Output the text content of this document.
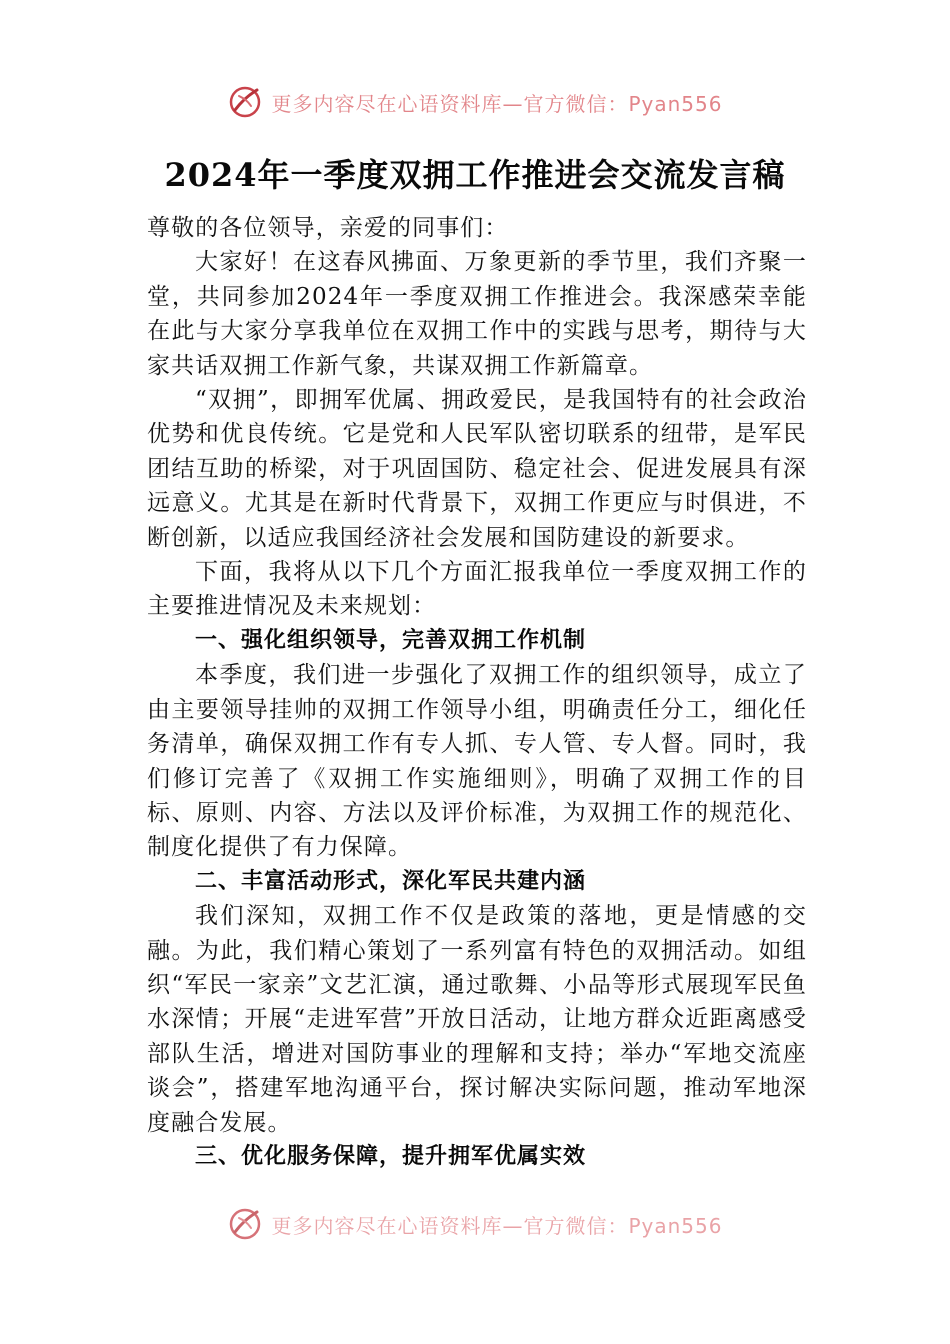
更多内容尽在心语资料库—官方微信：Pyan556
2024年一季度双拥工作推进会交流发言稿

尊敬的各位领导，亲爱的同事们：

大家好！在这春风拂面、万象更新的季节里，我们齐聚一堂，共同参加2024年一季度双拥工作推进会。我深感荣幸能在此与大家分享我单位在双拥工作中的实践与思考，期待与大家共话双拥工作新气象，共谋双拥工作新篇章。

“双拥”，即拥军优属、拥政爱民，是我国特有的社会政治优势和优良传统。它是党和人民军队密切联系的纽带，是军民团结互助的桥梁，对于巩固国防、稳定社会、促进发展具有深远意义。尤其是在新时代背景下，双拥工作更应与时俱进，不断创新，以适应我国经济社会发展和国防建设的新要求。

下面，我将从以下几个方面汇报我单位一季度双拥工作的主要推进情况及未来规划：

一、强化组织领导，完善双拥工作机制

本季度，我们进一步强化了双拥工作的组织领导，成立了由主要领导挂帅的双拥工作领导小组，明确责任分工，细化任务清单，确保双拥工作有专人抓、专人管、专人督。同时，我们修订完善了《双拥工作实施细则》，明确了双拥工作的目标、原则、内容、方法以及评价标准，为双拥工作的规范化、制度化提供了有力保障。

二、丰富活动形式，深化军民共建内涵

我们深知，双拥工作不仅是政策的落地，更是情感的交融。为此，我们精心策划了一系列富有特色的双拥活动。如组织“军民一家亲”文艺汇演，通过歌舞、小品等形式展现军民鱼水深情；开展“走进军营”开放日活动，让地方群众近距离感受部队生活，增进对国防事业的理解和支持；举办“军地交流座谈会”，搭建军地沟通平台，探讨解决实际问题，推动军地深度融合发展。

三、优化服务保障，提升拥军优属实效

更多内容尽在心语资料库—官方微信：Pyan556
